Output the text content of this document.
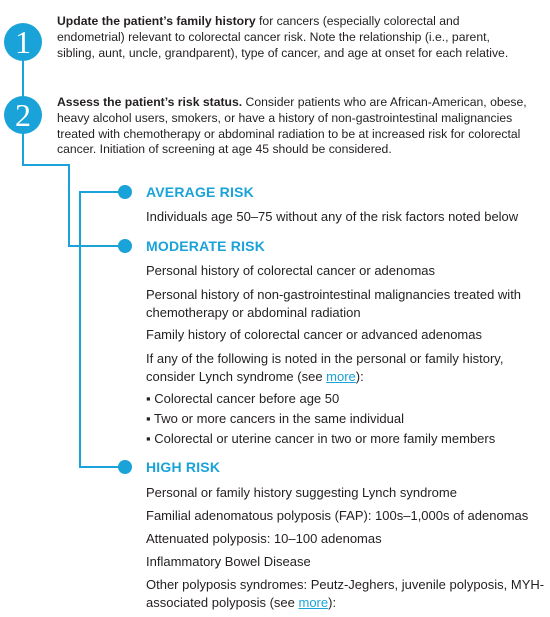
1
Update the patient’s family history for cancers (especially colorectal and endometrial) relevant to colorectal cancer risk. Note the relationship (i.e., parent, sibling, aunt, uncle, grandparent), type of cancer, and age at onset for each relative.
2	Assess the patient’s risk status. Consider patients who are African-American, obese, heavy alcohol users, smokers, or have a history of non-gastrointestinal malignancies treated with chemotherapy or abdominal radiation to be at increased risk for colorectal cancer. Initiation of screening at age 45 should be considered.
AVERAGE RISK
Individuals age 50–75 without any of the risk factors noted below
MODERATE RISK
Personal history of colorectal cancer or adenomas
Personal history of non-gastrointestinal malignancies treated with chemotherapy or abdominal radiation
Family history of colorectal cancer or advanced adenomas
If any of the following is noted in the personal or family history, consider Lynch syndrome (see more):
▪ Colorectal cancer before age 50
▪ Two or more cancers in the same individual
▪ Colorectal or uterine cancer in two or more family members
HIGH RISK
Personal or family history suggesting Lynch syndrome
Familial adenomatous polyposis (FAP): 100s–1,000s of adenomas
Attenuated polyposis: 10–100 adenomas
Inflammatory Bowel Disease
Other polyposis syndromes: Peutz-Jeghers, juvenile polyposis, MYH-associated polyposis (see more):
